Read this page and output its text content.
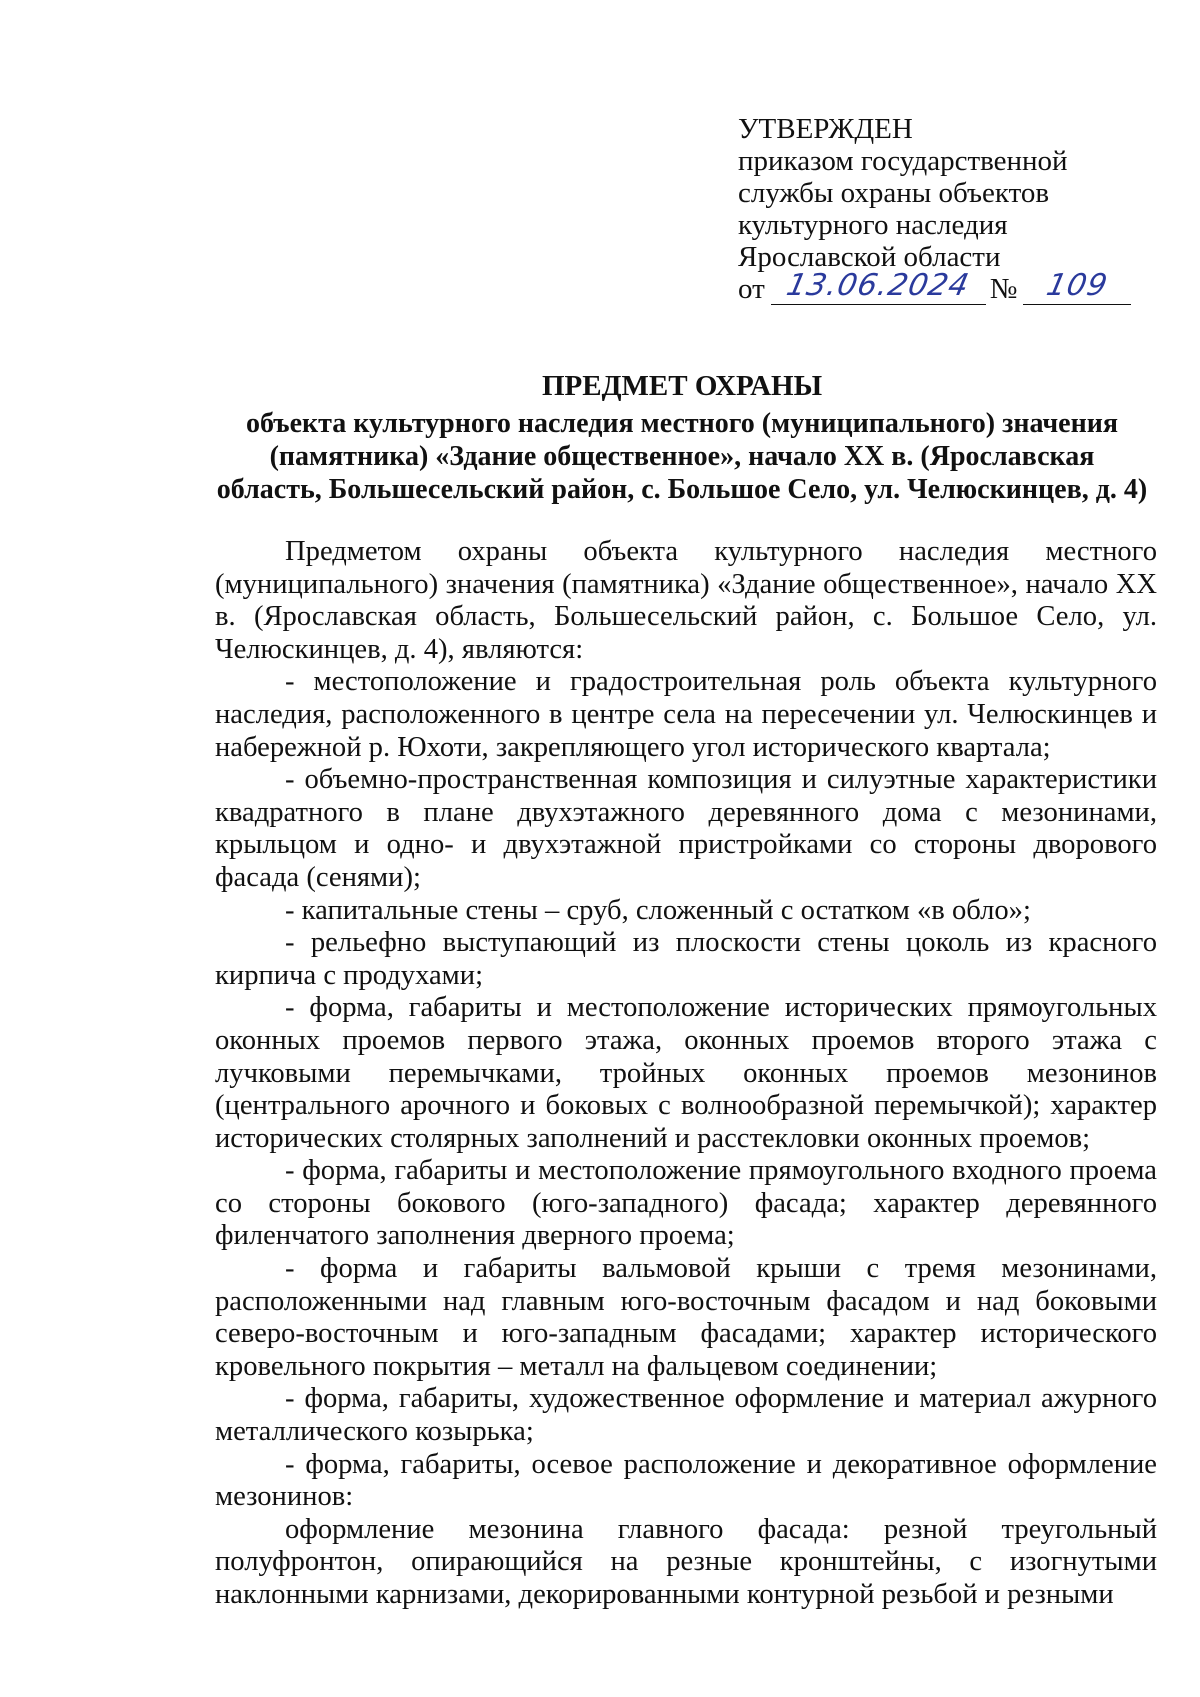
УТВЕРЖДЕН
приказом государственной
службы охраны объектов
культурного наследия
Ярославской области
от 13.06.2024 № 109
ПРЕДМЕТ ОХРАНЫ
объекта культурного наследия местного (муниципального) значения
(памятника) «Здание общественное», начало XX в. (Ярославская
область, Большесельский район, с. Большое Село, ул. Челюскинцев, д. 4)

Предметом охраны объекта культурного наследия местного (муниципального) значения (памятника) «Здание общественное», начало XX в. (Ярославская область, Большесельский район, с. Большое Село, ул. Челюскинцев, д. 4), являются:

- местоположение и градостроительная роль объекта культурного наследия, расположенного в центре села на пересечении ул. Челюскинцев и набережной р. Юхоти, закрепляющего угол исторического квартала;

- объемно-пространственная композиция и силуэтные характеристики квадратного в плане двухэтажного деревянного дома с мезонинами, крыльцом и одно- и двухэтажной пристройками со стороны дворового фасада (сенями);

- капитальные стены – сруб, сложенный с остатком «в обло»;

- рельефно выступающий из плоскости стены цоколь из красного кирпича с продухами;

- форма, габариты и местоположение исторических прямоугольных оконных проемов первого этажа, оконных проемов второго этажа с лучковыми перемычками, тройных оконных проемов мезонинов (центрального арочного и боковых с волнообразной перемычкой); характер исторических столярных заполнений и расстекловки оконных проемов;

- форма, габариты и местоположение прямоугольного входного проема со стороны бокового (юго-западного) фасада; характер деревянного филенчатого заполнения дверного проема;

- форма и габариты вальмовой крыши с тремя мезонинами, расположенными над главным юго-восточным фасадом и над боковыми северо-восточным и юго-западным фасадами; характер исторического кровельного покрытия – металл на фальцевом соединении;

- форма, габариты, художественное оформление и материал ажурного металлического козырька;

- форма, габариты, осевое расположение и декоративное оформление мезонинов:

оформление мезонина главного фасада: резной треугольный полуфронтон, опирающийся на резные кронштейны, с изогнутыми наклонными карнизами, декорированными контурной резьбой и резными
